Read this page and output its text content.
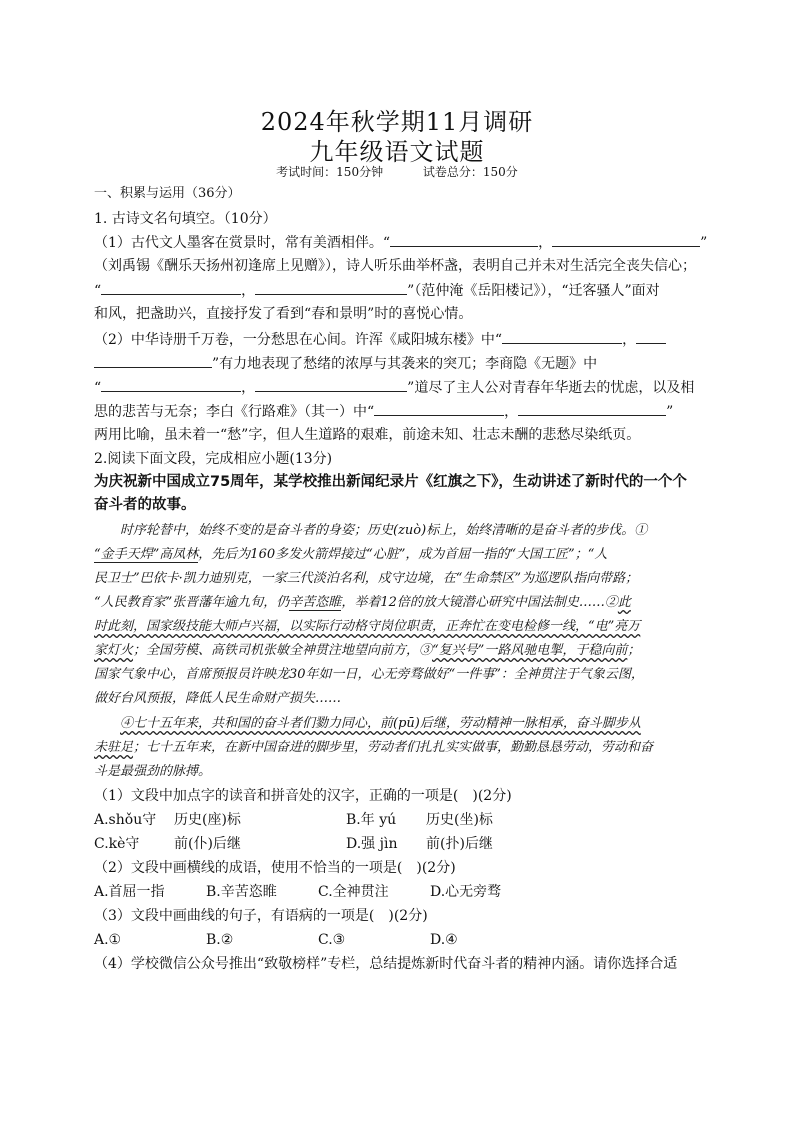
2024年秋学期11月调研
九年级语文试题
考试时间：150分钟	试卷总分：150分
一、积累与运用（36分）
1. 古诗文名句填空。（10分）
（1）古代文人墨客在赏景时，常有美酒相伴。“	，	”
（刘禹锡《酬乐天扬州初逢席上见赠》），诗人听乐曲举杯盏，表明自己并未对生活完全丧失信心；
“	，	”（范仲淹《岳阳楼记》），“迁客骚人”面对
和风，把盏助兴，直接抒发了看到“春和景明”时的喜悦心情。
（2）中华诗册千万卷，一分愁思在心间。许浑《咸阳城东楼》中“	，
”有力地表现了愁绪的浓厚与其袭来的突兀；李商隐《无题》中
“	，	”道尽了主人公对青春年华逝去的忧虑，以及相
思的悲苦与无奈；李白《行路难》（其一）中“	，	”
两用比喻，虽未着一“愁”字，但人生道路的艰难，前途未知、壮志未酬的悲愁尽染纸页。
2.阅读下面文段，完成相应小题(13分)
为庆祝新中国成立75周年，某学校推出新闻纪录片《红旗之下》，生动讲述了新时代的一个个
奋斗者的故事。
时序轮替中，始终不变的是奋斗者的身姿；历史(zuò)标上，始终清晰的是奋斗者的步伐。①
“金手天焊”高凤林，先后为160多发火箭焊接过“心脏”，成为首屈一指的“大国工匠”；“人
民卫士”巴依卡·凯力迪别克，一家三代淡泊名利，戍守边境，在“生命禁区”为巡逻队指向带路；
“人民教育家”张晋藩年逾九旬，仍辛苦恣睢，举着12倍的放大镜潜心研究中国法制史……②此
时此刻，国家级技能大师卢兴福，以实际行动格守岗位职责，正奔忙在变电检修一线，“电”亮万
家灯火；全国劳模、高铁司机张敏全神贯注地望向前方，③“复兴号”一路风驰电掣，于稳向前；
国家气象中心，首席预报员许映龙30年如一日，心无旁骛做好“一件事”：全神贯注于气象云图，
做好台风预报，降低人民生命财产损失……
④七十五年来，共和国的奋斗者们勠力同心，前(pū)后继，劳动精神一脉相承，奋斗脚步从
未驻足；七十五年来，在新中国奋进的脚步里，劳动者们扎扎实实做事，勤勤恳恳劳动，劳动和奋
斗是最强劲的脉搏。
（1）文段中加点字的读音和拼音处的汉字，正确的一项是(　)(2分)
A.shǒu守 历史(座)标	B.年 yú 历史(坐)标
C.kè守 前(仆)后继	D.强 jìn 前(扑)后继
（2）文段中画横线的成语，使用不恰当的一项是(　)(2分)
A.首屈一指	B.辛苦恣睢	C.全神贯注	D.心无旁骛
（3）文段中画曲线的句子，有语病的一项是(　)(2分)
A.①	B.②	C.③	D.④
（4）学校微信公众号推出“致敬榜样”专栏，总结提炼新时代奋斗者的精神内涵。请你选择合适
